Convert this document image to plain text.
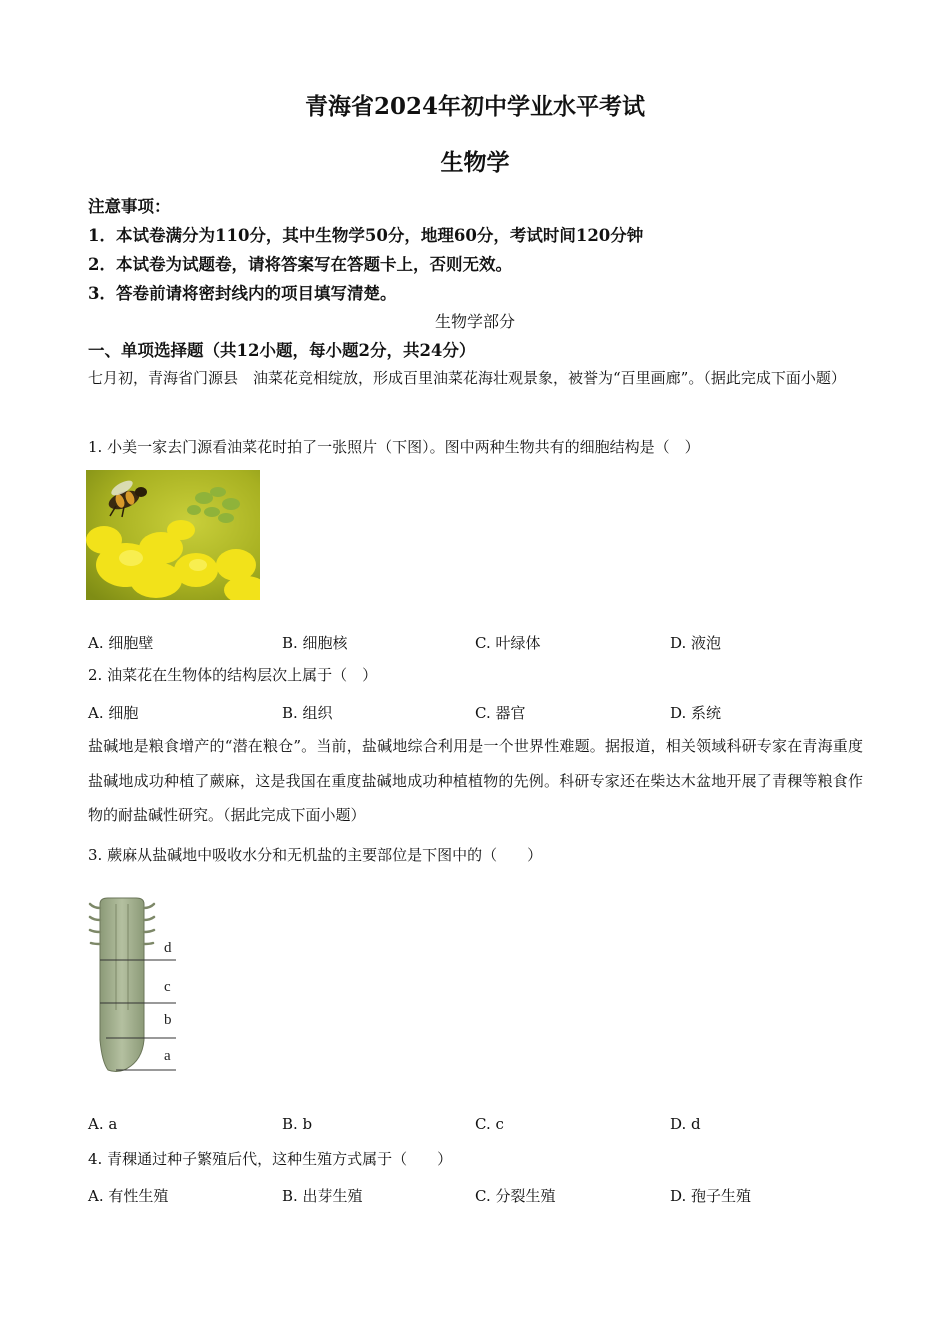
青海省2024年初中学业水平考试
生物学
注意事项：
1．本试卷满分为110分，其中生物学50分，地理60分，考试时间120分钟
2．本试卷为试题卷，请将答案写在答题卡上，否则无效。
3．答卷前请将密封线内的项目填写清楚。
生物学部分
一、单项选择题（共12小题，每小题2分，共24分）
七月初，青海省门源县　油菜花竞相绽放，形成百里油菜花海壮观景象，被誉为“百里画廊”。（据此完成下面小题）
1. 小美一家去门源看油菜花时拍了一张照片（下图）。图中两种生物共有的细胞结构是（　）
A. 细胞壁	B. 细胞核	C. 叶绿体	D. 液泡
2. 油菜花在生物体的结构层次上属于（　）
A. 细胞	B. 组织	C. 器官	D. 系统
盐碱地是粮食增产的“潜在粮仓”。当前，盐碱地综合利用是一个世界性难题。据报道，相关领域科研专家在青海重度盐碱地成功种植了蕨麻，这是我国在重度盐碱地成功种植植物的先例。科研专家还在柴达木盆地开展了青稞等粮食作物的耐盐碱性研究。（据此完成下面小题）
3. 蕨麻从盐碱地中吸收水分和无机盐的主要部位是下图中的（　　）
d
c
b
a
A. a	B. b	C. c	D. d
4. 青稞通过种子繁殖后代，这种生殖方式属于（　　）
A. 有性生殖	B. 出芽生殖	C. 分裂生殖	D. 孢子生殖
